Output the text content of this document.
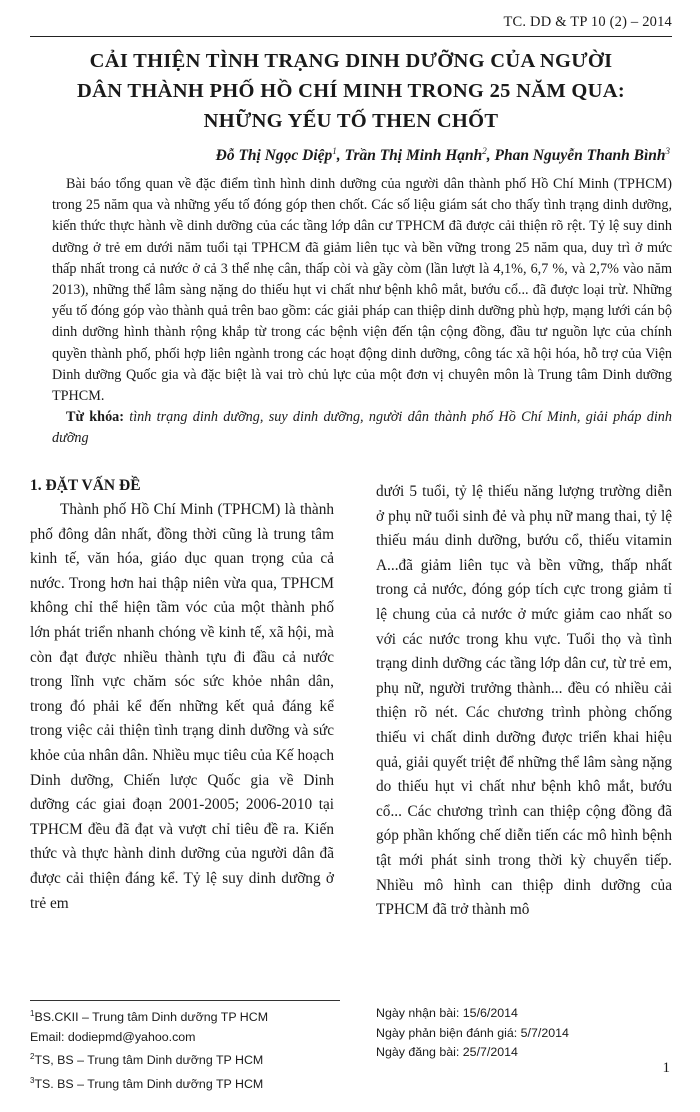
TC. DD & TP 10 (2) – 2014
CẢI THIỆN TÌNH TRẠNG DINH DƯỠNG CỦA NGƯỜI
DÂN THÀNH PHỐ HỒ CHÍ MINH TRONG 25 NĂM QUA:
NHỮNG YẾU TỐ THEN CHỐT
Đỗ Thị Ngọc Diệp$^1$, Trần Thị Minh Hạnh$^2$, Phan Nguyễn Thanh Bình$^3$

Bài báo tổng quan về đặc điểm tình hình dinh dưỡng của người dân thành phố Hồ Chí Minh (TPHCM) trong 25 năm qua và những yếu tố đóng góp then chốt. Các số liệu giám sát cho thấy tình trạng dinh dưỡng, kiến thức thực hành về dinh dưỡng của các tầng lớp dân cư TPHCM đã được cải thiện rõ rệt. Tỷ lệ suy dinh dưỡng ở trẻ em dưới năm tuổi tại TPHCM đã giảm liên tục và bền vững trong 25 năm qua, duy trì ở mức thấp nhất trong cả nước ở cả 3 thể nhẹ cân, thấp còi và gầy còm (lần lượt là 4,1%, 6,7 %, và 2,7% vào năm 2013), những thể lâm sàng nặng do thiếu hụt vi chất như bệnh khô mắt, bướu cổ... đã được loại trừ. Những yếu tố đóng góp vào thành quả trên bao gồm: các giải pháp can thiệp dinh dưỡng phù hợp, mạng lưới cán bộ dinh dưỡng hình thành rộng khắp từ trong các bệnh viện đến tận cộng đồng, đầu tư nguồn lực của chính quyền thành phố, phối hợp liên ngành trong các hoạt động dinh dưỡng, công tác xã hội hóa, hỗ trợ của Viện Dinh dưỡng Quốc gia và đặc biệt là vai trò chủ lực của một đơn vị chuyên môn là Trung tâm Dinh dưỡng TPHCM.

Từ khóa: tình trạng dinh dưỡng, suy dinh dưỡng, người dân thành phố Hồ Chí Minh, giải pháp dinh dưỡng
1. ĐẶT VẤN ĐỀ

Thành phố Hồ Chí Minh (TPHCM) là thành phố đông dân nhất, đồng thời cũng là trung tâm kinh tế, văn hóa, giáo dục quan trọng của cả nước. Trong hơn hai thập niên vừa qua, TPHCM không chỉ thể hiện tầm vóc của một thành phố lớn phát triển nhanh chóng về kinh tế, xã hội, mà còn đạt được nhiều thành tựu đi đầu cả nước trong lĩnh vực chăm sóc sức khỏe nhân dân, trong đó phải kể đến những kết quả đáng kể trong việc cải thiện tình trạng dinh dưỡng và sức khỏe của nhân dân. Nhiều mục tiêu của Kế hoạch Dinh dưỡng, Chiến lược Quốc gia về Dinh dưỡng các giai đoạn 2001-2005; 2006-2010 tại TPHCM đều đã đạt và vượt chỉ tiêu đề ra. Kiến thức và thực hành dinh dưỡng của người dân đã được cải thiện đáng kể. Tỷ lệ suy dinh dưỡng ở trẻ em

dưới 5 tuổi, tỷ lệ thiếu năng lượng trường diễn ở phụ nữ tuổi sinh đẻ và phụ nữ mang thai, tỷ lệ thiếu máu dinh dưỡng, bướu cổ, thiếu vitamin A...đã giảm liên tục và bền vững, thấp nhất trong cả nước, đóng góp tích cực trong giảm tỉ lệ chung của cả nước ở mức giảm cao nhất so với các nước trong khu vực. Tuổi thọ và tình trạng dinh dưỡng các tầng lớp dân cư, từ trẻ em, phụ nữ, người trưởng thành... đều có nhiều cải thiện rõ nét. Các chương trình phòng chống thiếu vi chất dinh dưỡng được triển khai hiệu quả, giải quyết triệt để những thể lâm sàng nặng do thiếu hụt vi chất như bệnh khô mắt, bướu cổ... Các chương trình can thiệp cộng đồng đã góp phần khống chế diễn tiến các mô hình bệnh tật mới phát sinh trong thời kỳ chuyển tiếp. Nhiều mô hình can thiệp dinh dưỡng của TPHCM đã trở thành mô

$^1$BS.CKII – Trung tâm Dinh dưỡng TP HCM
Email: dodiepmd@yahoo.com
$^2$TS, BS – Trung tâm Dinh dưỡng TP HCM
$^3$TS. BS – Trung tâm Dinh dưỡng TP HCM
Ngày nhận bài: 15/6/2014
Ngày phản biện đánh giá: 5/7/2014
Ngày đăng bài: 25/7/2014
1
